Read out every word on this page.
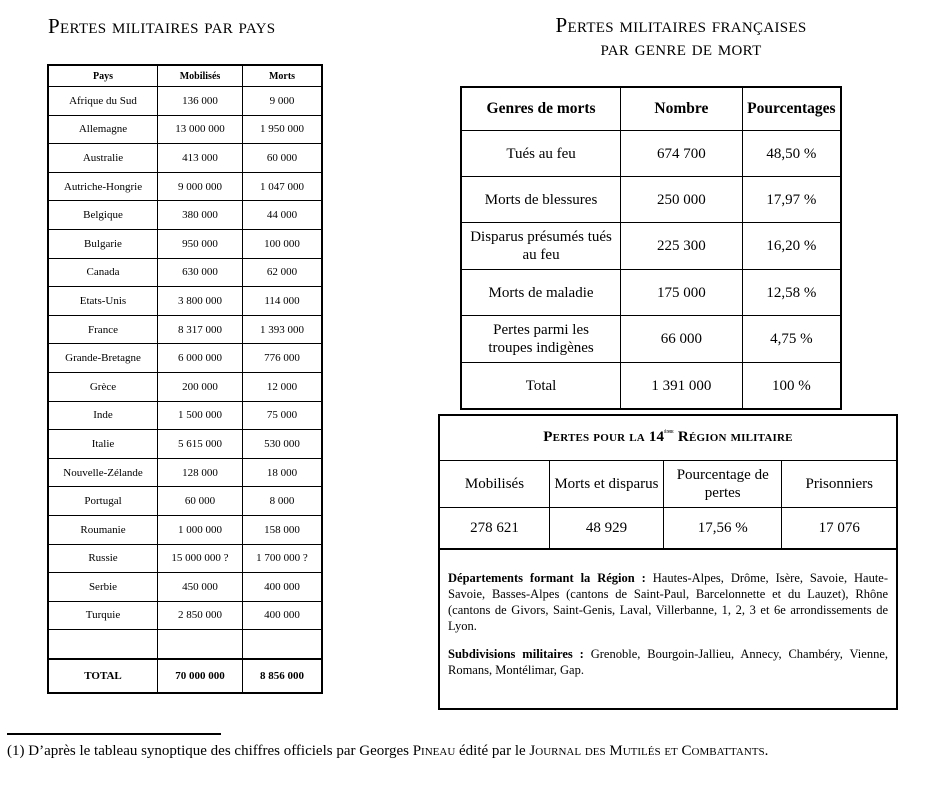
Pertes militaires par pays	Pertes militaires françaises
par genre de mort
Pays	Mobilisés	Morts
Afrique du Sud	136 000	9 000
Allemagne	13 000 000	1 950 000
Australie	413 000	60 000
Autriche-Hongrie	9 000 000	1 047 000
Belgique	380 000	44 000
Bulgarie	950 000	100 000
Canada	630 000	62 000
Etats-Unis	3 800 000	114 000
France	8 317 000	1 393 000
Grande-Bretagne	6 000 000	776 000
Grèce	200 000	12 000
Inde	1 500 000	75 000
Italie	5 615 000	530 000
Nouvelle-Zélande	128 000	18 000
Portugal	60 000	8 000
Roumanie	1 000 000	158 000
Russie	15 000 000 ?	1 700 000 ?
Serbie	450 000	400 000
Turquie	2 850 000	400 000

TOTAL	70 000 000	8 856 000
Genres de morts	Nombre	Pourcentages
Tués au feu	674 700	48,50 %
Morts de blessures	250 000	17,97 %
Disparus présumés tués au feu	225 300	16,20 %
Morts de maladie	175 000	12,58 %
Pertes parmi les troupes indigènes	66 000	4,75 %
Total	1 391 000	100 %
Pertes pour la 14ème Région militaire
Mobilisés	Morts et disparus	Pourcentage de pertes	Prisonniers
278 621	48 929	17,56 %	17 076

Départements formant la Région : Hautes-Alpes, Drôme, Isère, Savoie, Haute-Savoie, Basses-Alpes (cantons de Saint-Paul, Barcelonnette et du Lauzet), Rhône (cantons de Givors, Saint-Genis, Laval, Villerbanne, 1, 2, 3 et 6e arrondissements de Lyon.

Subdivisions militaires : Grenoble, Bourgoin-Jallieu, Annecy, Chambéry, Vienne, Romans, Montélimar, Gap.

(1) D’après le tableau synoptique des chiffres officiels par Georges Pineau édité par le Journal des Mutilés et Combattants.
